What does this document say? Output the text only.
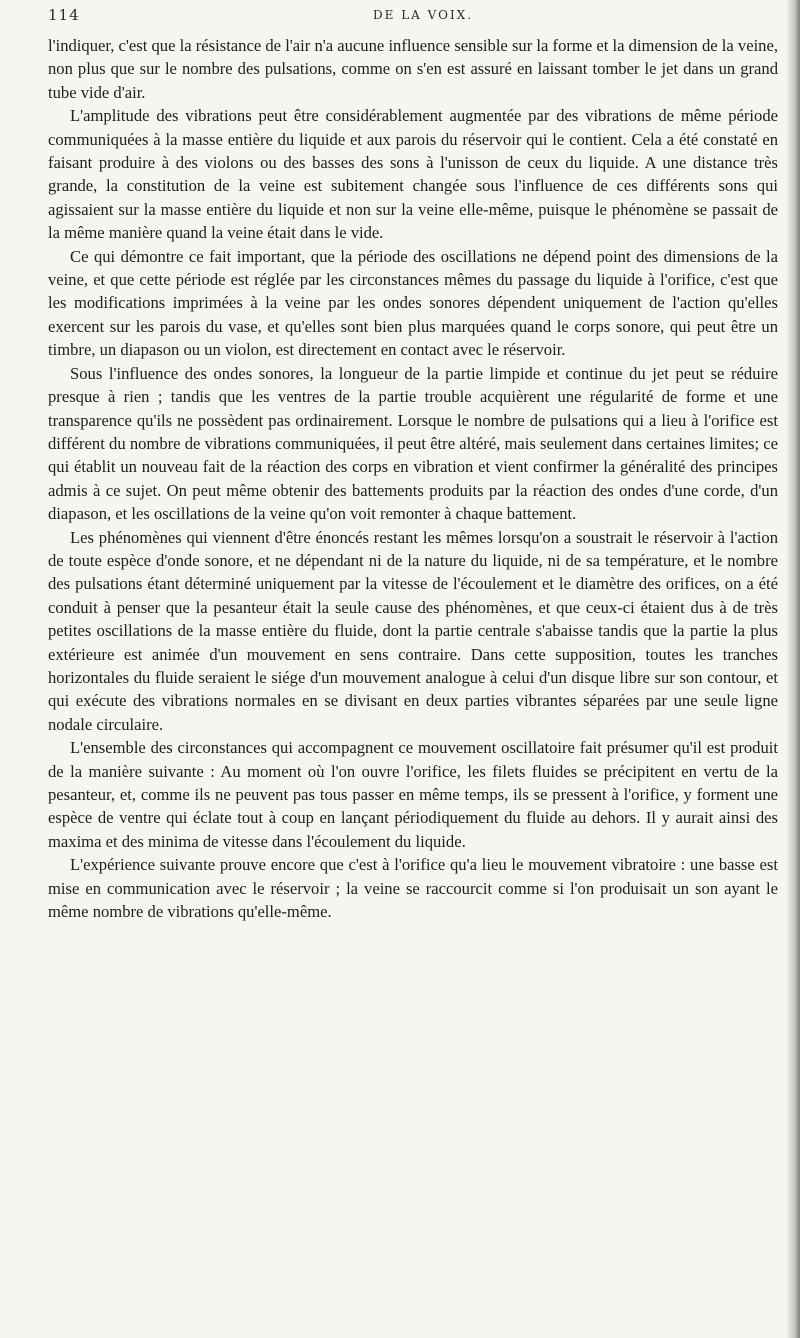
114	DE LA VOIX.

l'indiquer, c'est que la résistance de l'air n'a aucune influence sensible sur la forme et la dimension de la veine, non plus que sur le nombre des pulsations, comme on s'en est assuré en laissant tomber le jet dans un grand tube vide d'air.

L'amplitude des vibrations peut être considérablement augmentée par des vibrations de même période communiquées à la masse entière du liquide et aux parois du réservoir qui le contient. Cela a été constaté en faisant produire à des violons ou des basses des sons à l'unisson de ceux du liquide. A une distance très grande, la constitution de la veine est subitement changée sous l'influence de ces différents sons qui agissaient sur la masse entière du liquide et non sur la veine elle-même, puisque le phénomène se passait de la même manière quand la veine était dans le vide.

Ce qui démontre ce fait important, que la période des oscillations ne dépend point des dimensions de la veine, et que cette période est réglée par les circonstances mêmes du passage du liquide à l'orifice, c'est que les modifications imprimées à la veine par les ondes sonores dépendent uniquement de l'action qu'elles exercent sur les parois du vase, et qu'elles sont bien plus marquées quand le corps sonore, qui peut être un timbre, un diapason ou un violon, est directement en contact avec le réservoir.

Sous l'influence des ondes sonores, la longueur de la partie limpide et continue du jet peut se réduire presque à rien ; tandis que les ventres de la partie trouble acquièrent une régularité de forme et une transparence qu'ils ne possèdent pas ordinairement. Lorsque le nombre de pulsations qui a lieu à l'orifice est différent du nombre de vibrations communiquées, il peut être altéré, mais seulement dans certaines limites; ce qui établit un nouveau fait de la réaction des corps en vibration et vient confirmer la généralité des principes admis à ce sujet. On peut même obtenir des battements produits par la réaction des ondes d'une corde, d'un diapason, et les oscillations de la veine qu'on voit remonter à chaque battement.

Les phénomènes qui viennent d'être énoncés restant les mêmes lorsqu'on a soustrait le réservoir à l'action de toute espèce d'onde sonore, et ne dépendant ni de la nature du liquide, ni de sa température, et le nombre des pulsations étant déterminé uniquement par la vitesse de l'écoulement et le diamètre des orifices, on a été conduit à penser que la pesanteur était la seule cause des phénomènes, et que ceux-ci étaient dus à de très petites oscillations de la masse entière du fluide, dont la partie centrale s'abaisse tandis que la partie la plus extérieure est animée d'un mouvement en sens contraire. Dans cette supposition, toutes les tranches horizontales du fluide seraient le siége d'un mouvement analogue à celui d'un disque libre sur son contour, et qui exécute des vibrations normales en se divisant en deux parties vibrantes séparées par une seule ligne nodale circulaire.

L'ensemble des circonstances qui accompagnent ce mouvement oscillatoire fait présumer qu'il est produit de la manière suivante : Au moment où l'on ouvre l'orifice, les filets fluides se précipitent en vertu de la pesanteur, et, comme ils ne peuvent pas tous passer en même temps, ils se pressent à l'orifice, y forment une espèce de ventre qui éclate tout à coup en lançant périodiquement du fluide au dehors. Il y aurait ainsi des maxima et des minima de vitesse dans l'écoulement du liquide.

L'expérience suivante prouve encore que c'est à l'orifice qu'a lieu le mouvement vibratoire : une basse est mise en communication avec le réservoir ; la veine se raccourcit comme si l'on produisait un son ayant le même nombre de vibrations qu'elle-même.
